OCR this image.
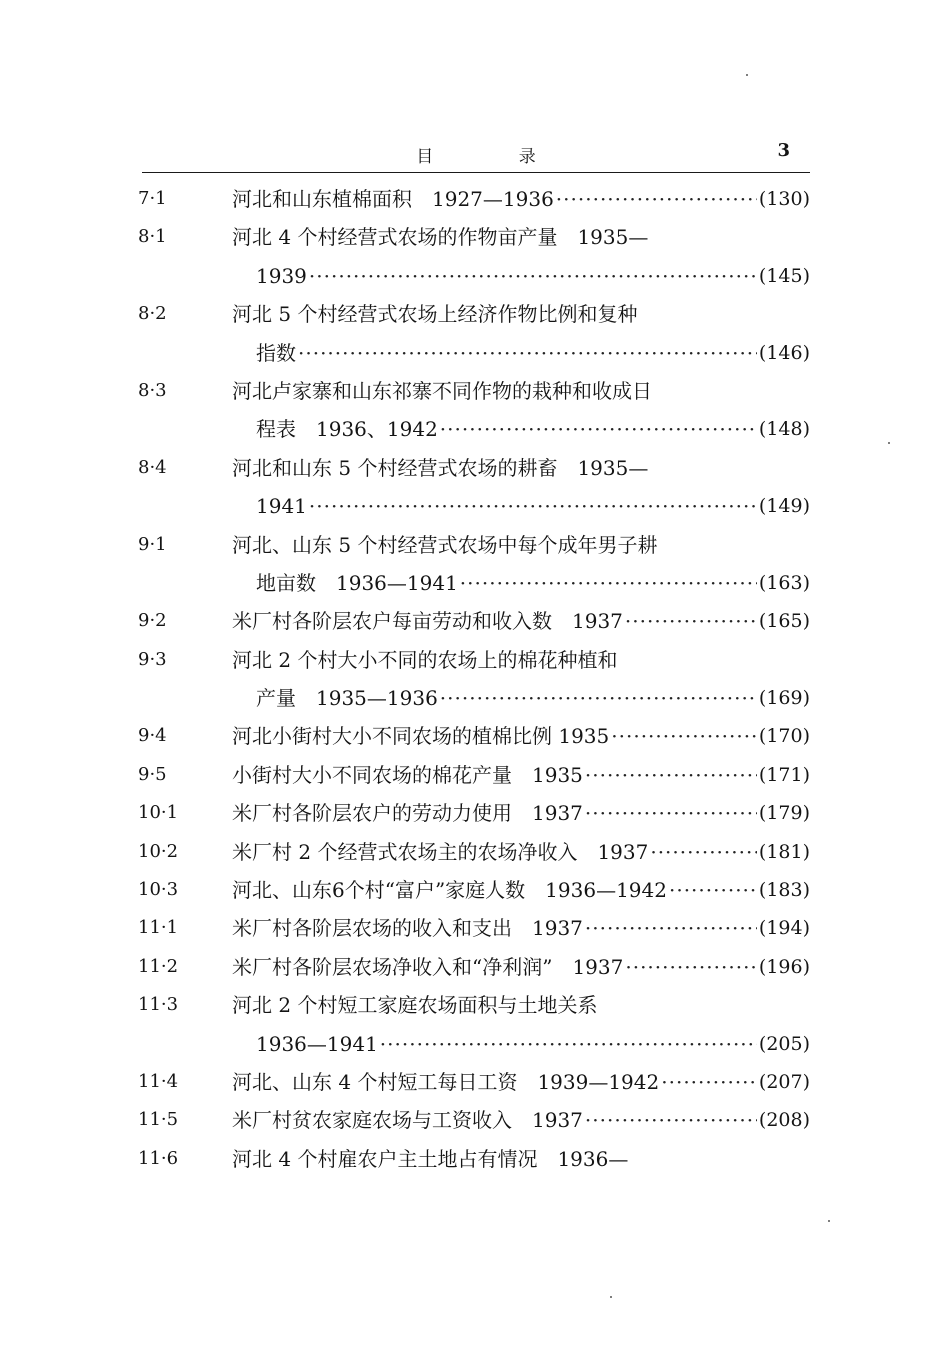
目 录	3
7·1	河北和山东植棉面积　1927—1936 ·····	(130)
8·1	河北 4 个村经营式农场的作物亩产量　1935—
1939 ·····	(145)
8·2	河北 5 个村经营式农场上经济作物比例和复种
指数 ·····	(146)
8·3	河北卢家寨和山东祁寨不同作物的栽种和收成日
程表　1936、1942 ·····	(148)
8·4	河北和山东 5 个村经营式农场的耕畜　1935—
1941 ·····	(149)
9·1	河北、山东 5 个村经营式农场中每个成年男子耕
地亩数　1936—1941 ·····	(163)
9·2	米厂村各阶层农户每亩劳动和收入数　1937 ·····	(165)
9·3	河北 2 个村大小不同的农场上的棉花种植和
产量　1935—1936 ·····	(169)
9·4	河北小街村大小不同农场的植棉比例 1935 ·····	(170)
9·5	小街村大小不同农场的棉花产量　1935 ·····	(171)
10·1	米厂村各阶层农户的劳动力使用　1937 ·····	(179)
10·2	米厂村 2 个经营式农场主的农场净收入　1937 ·····	(181)
10·3	河北、山东6个村“富户”家庭人数　1936—1942 ·····	(183)
11·1	米厂村各阶层农场的收入和支出　1937 ·····	(194)
11·2	米厂村各阶层农场净收入和“净利润”　1937 ·····	(196)
11·3	河北 2 个村短工家庭农场面积与土地关系
1936—1941 ·····	(205)
11·4	河北、山东 4 个村短工每日工资　1939—1942 ·····	(207)
11·5	米厂村贫农家庭农场与工资收入　1937 ·····	(208)
11·6	河北 4 个村雇农户主土地占有情况　1936—
